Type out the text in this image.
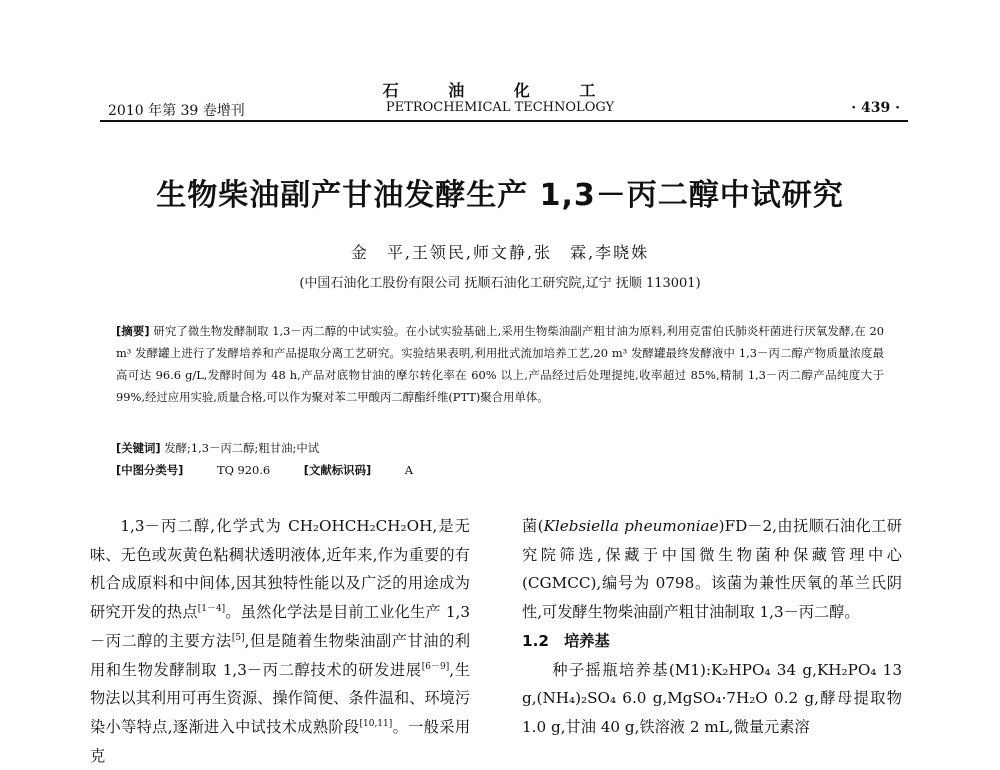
石 油 化 工
2010 年第 39 卷增刊	PETROCHEMICAL TECHNOLOGY	· 439 ·
生物柴油副产甘油发酵生产 1,3－丙二醇中试研究
金　平,王领民,师文静,张　霖,李晓姝
(中国石油化工股份有限公司 抚顺石油化工研究院,辽宁 抚顺 113001)
[摘要] 研究了微生物发酵制取 1,3－丙二醇的中试实验。在小试实验基础上,采用生物柴油副产粗甘油为原料,利用克雷伯氏肺炎杆菌进行厌氧发酵,在 20 m³ 发酵罐上进行了发酵培养和产品提取分离工艺研究。实验结果表明,利用批式流加培养工艺,20 m³ 发酵罐最终发酵液中 1,3－丙二醇产物质量浓度最高可达 96.6 g/L,发酵时间为 48 h,产品对底物甘油的摩尔转化率在 60% 以上,产品经过后处理提纯,收率超过 85%,精制 1,3－丙二醇产品纯度大于 99%,经过应用实验,质量合格,可以作为聚对苯二甲酸丙二醇酯纤维(PTT)聚合用单体。
[关键词] 发酵;1,3－丙二醇;粗甘油;中试
[中图分类号]	TQ 920.6	[文献标识码]	A
1,3－丙二醇,化学式为 CH₂OHCH₂CH₂OH,是无味、无色或灰黄色粘稠状透明液体,近年来,作为重要的有机合成原料和中间体,因其独特性能以及广泛的用途成为研究开发的热点[1－4]。虽然化学法是目前工业化生产 1,3－丙二醇的主要方法[5],但是随着生物柴油副产甘油的利用和生物发酵制取 1,3－丙二醇技术的研发进展[6－9],生物法以其利用可再生资源、操作简便、条件温和、环境污染小等特点,逐渐进入中试技术成熟阶段[10,11]。一般采用克
菌(Klebsiella pheumoniae)FD－2,由抚顺石油化工研究院筛选,保藏于中国微生物菌种保藏管理中心(CGMCC),编号为 0798。该菌为兼性厌氧的革兰氏阴性,可发酵生物柴油副产粗甘油制取 1,3－丙二醇。
1.2　培养基
种子摇瓶培养基(M1):K₂HPO₄ 34 g,KH₂PO₄ 13 g,(NH₄)₂SO₄ 6.0 g,MgSO₄·7H₂O 0.2 g,酵母提取物 1.0 g,甘油 40 g,铁溶液 2 mL,微量元素溶
